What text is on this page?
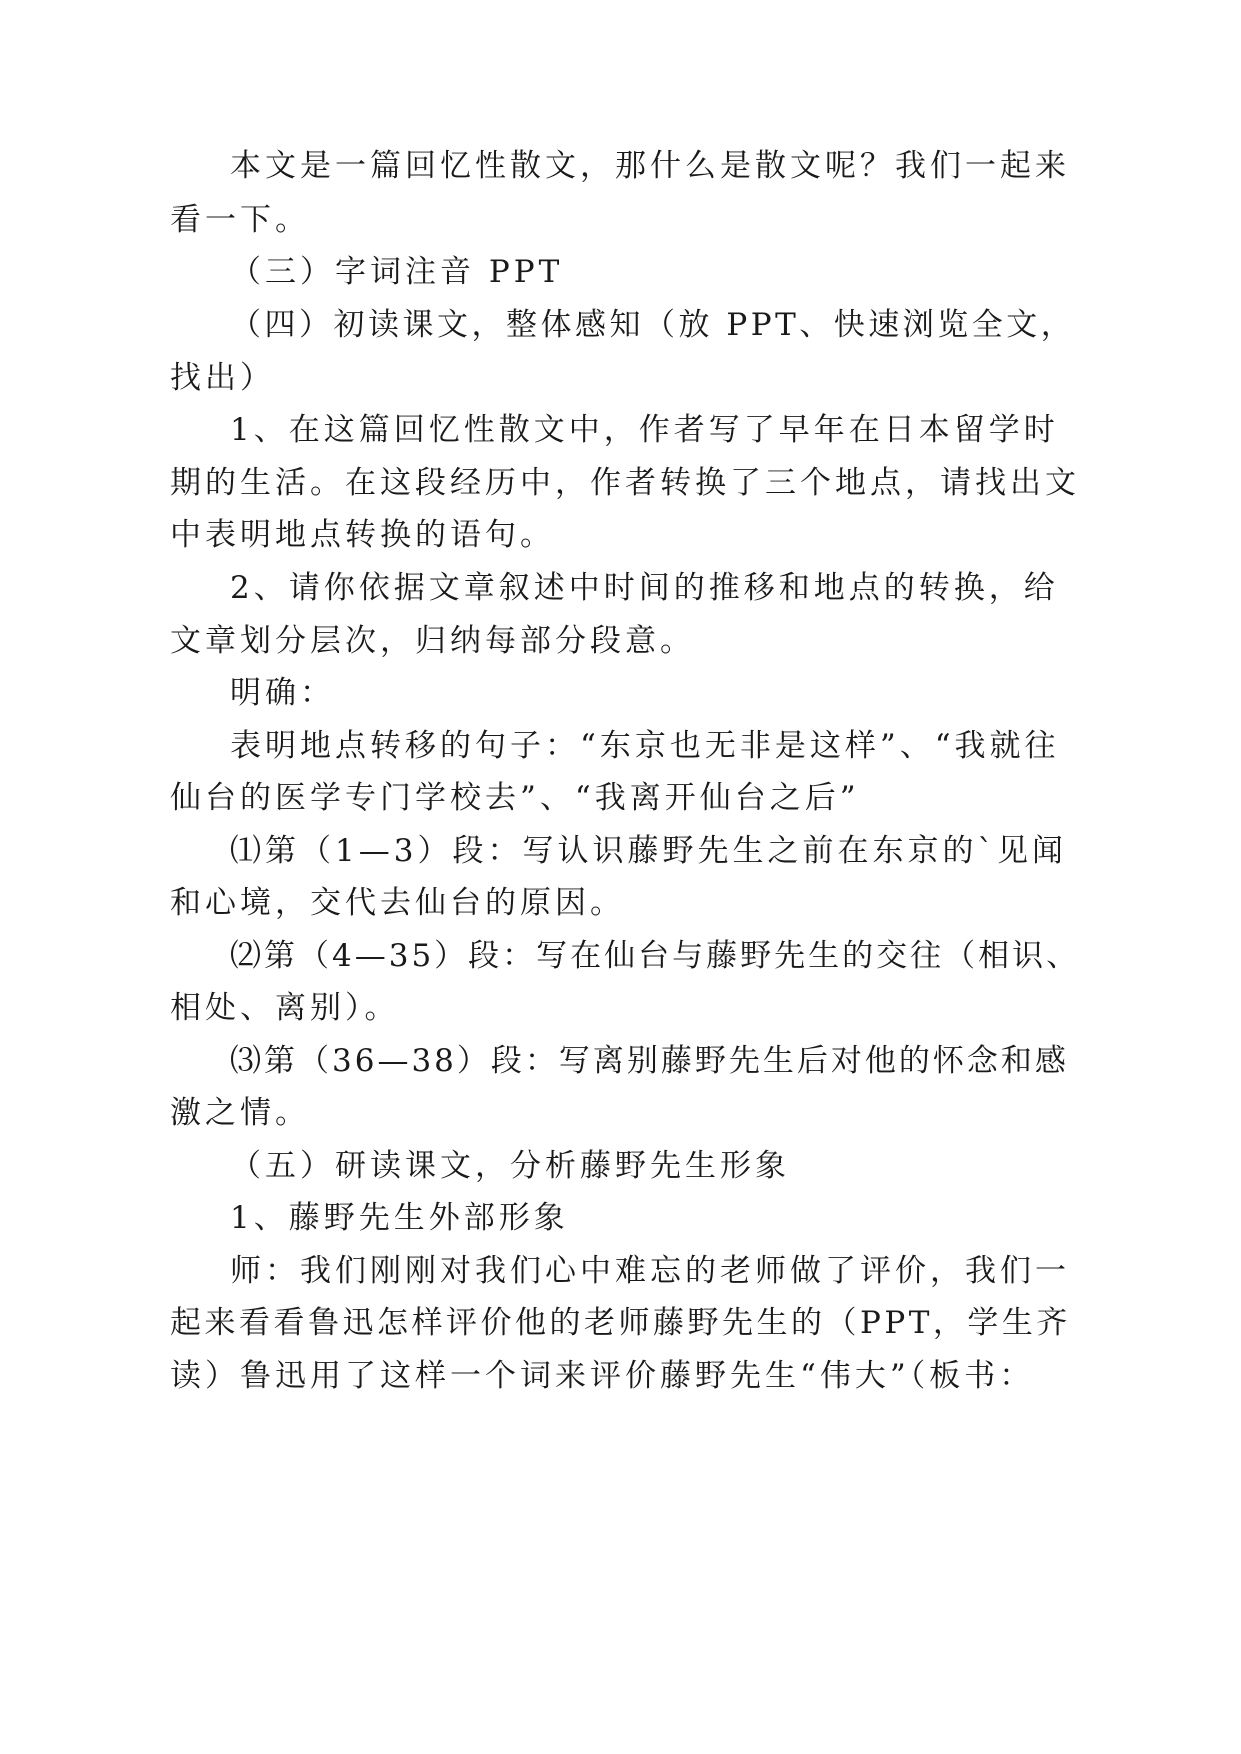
本文是一篇回忆性散文，那什么是散文呢？我们一起来
看一下。
（三）字词注音 PPT
（四）初读课文，整体感知（放 PPT、快速浏览全文，
找出）
1、在这篇回忆性散文中，作者写了早年在日本留学时
期的生活。在这段经历中，作者转换了三个地点，请找出文
中表明地点转换的语句。
2、请你依据文章叙述中时间的推移和地点的转换，给
文章划分层次，归纳每部分段意。
明确：
表明地点转移的句子：“东京也无非是这样”、“我就往
仙台的医学专门学校去”、“我离开仙台之后”
⑴第（1—3）段：写认识藤野先生之前在东京的`见闻
和心境，交代去仙台的原因。
⑵第（4—35）段：写在仙台与藤野先生的交往（相识、
相处、离别）。
⑶第（36—38）段：写离别藤野先生后对他的怀念和感
激之情。
（五）研读课文，分析藤野先生形象
1、藤野先生外部形象
师：我们刚刚对我们心中难忘的老师做了评价，我们一
起来看看鲁迅怎样评价他的老师藤野先生的（PPT，学生齐
读）鲁迅用了这样一个词来评价藤野先生“伟大”（板书：
